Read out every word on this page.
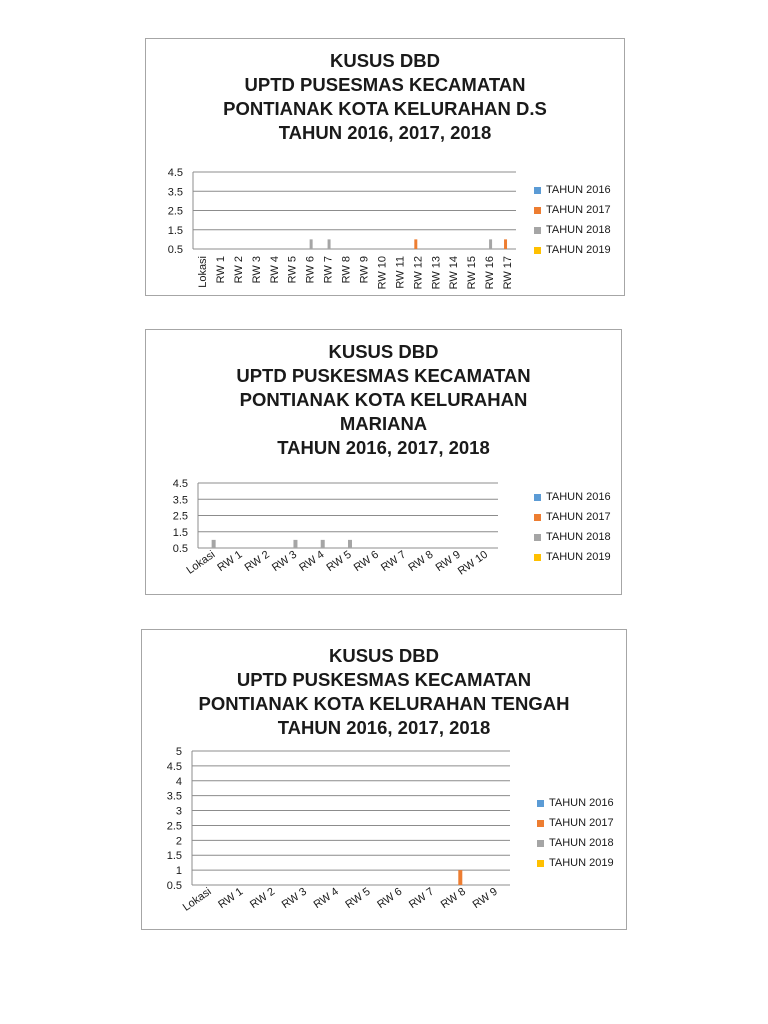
KUSUS DBD
UPTD PUSESMAS KECAMATAN
PONTIANAK KOTA KELURAHAN D.S
TAHUN 2016, 2017, 2018
4.5
3.5
2.5
1.5
0.5
Lokasi RW 1 RW 2 RW 3 RW 4 RW 5 RW 6 RW 7 RW 8 RW 9 RW 10 RW 11 RW 12 RW 13 RW 14 RW 15 RW 16 RW 17
TAHUN 2016
TAHUN 2017
TAHUN 2018
TAHUN 2019
KUSUS DBD
UPTD PUSKESMAS KECAMATAN
PONTIANAK KOTA KELURAHAN
MARIANA
TAHUN 2016, 2017, 2018
4.5
3.5
2.5
1.5
0.5
Lokasi
RW 1
RW 2
RW 3
RW 4
RW 5
RW 6
RW 7
RW 8
RW 9
RW 10
TAHUN 2016
TAHUN 2017
TAHUN 2018
TAHUN 2019
KUSUS DBD
UPTD PUSKESMAS KECAMATAN
PONTIANAK KOTA KELURAHAN TENGAH
TAHUN 2016, 2017, 2018
5
4.5
4
3.5
3
2.5
2
1.5
1
0.5
Lokasi RW 1 RW 2 RW 3 RW 4 RW 5 RW 6 RW 7 RW 8 RW 9
TAHUN 2016
TAHUN 2017
TAHUN 2018
TAHUN 2019
